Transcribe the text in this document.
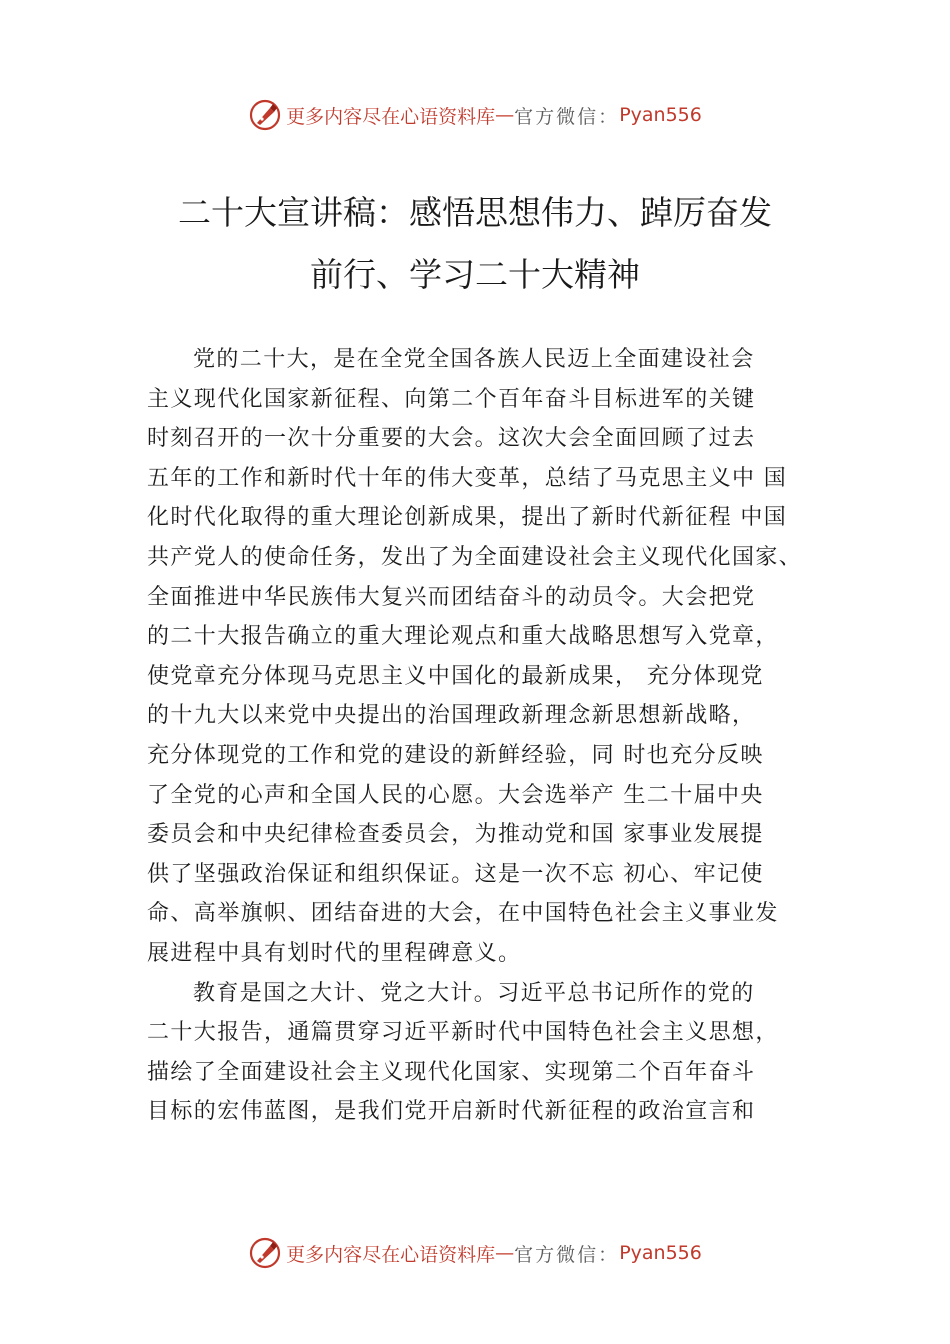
更多内容尽在心语资料库 — 官方微信： Pyan556
二十大宣讲稿：感悟思想伟力、踔厉奋发
前行、学习二十大精神
党的二十大，是在全党全国各族人民迈上全面建设社会
主义现代化国家新征程、向第二个百年奋斗目标进军的关键
时刻召开的一次十分重要的大会。这次大会全面回顾了过去
五年的工作和新时代十年的伟大变革，总结了马克思主义中 国
化时代化取得的重大理论创新成果，提出了新时代新征程 中国
共产党人的使命任务，发出了为全面建设社会主义现代化国家、
全面推进中华民族伟大复兴而团结奋斗的动员令。大会把党
的二十大报告确立的重大理论观点和重大战略思想写入党章，
使党章充分体现马克思主义中国化的最新成果， 充分体现党
的十九大以来党中央提出的治国理政新理念新思想新战略，
充分体现党的工作和党的建设的新鲜经验，同 时也充分反映
了全党的心声和全国人民的心愿。大会选举产 生二十届中央
委员会和中央纪律检查委员会，为推动党和国 家事业发展提
供了坚强政治保证和组织保证。这是一次不忘 初心、牢记使
命、高举旗帜、团结奋进的大会，在中国特色社会主义事业发
展进程中具有划时代的里程碑意义。
教育是国之大计、党之大计。习近平总书记所作的党的
二十大报告，通篇贯穿习近平新时代中国特色社会主义思想，
描绘了全面建设社会主义现代化国家、实现第二个百年奋斗
目标的宏伟蓝图，是我们党开启新时代新征程的政治宣言和
更多内容尽在心语资料库 — 官方微信： Pyan556
